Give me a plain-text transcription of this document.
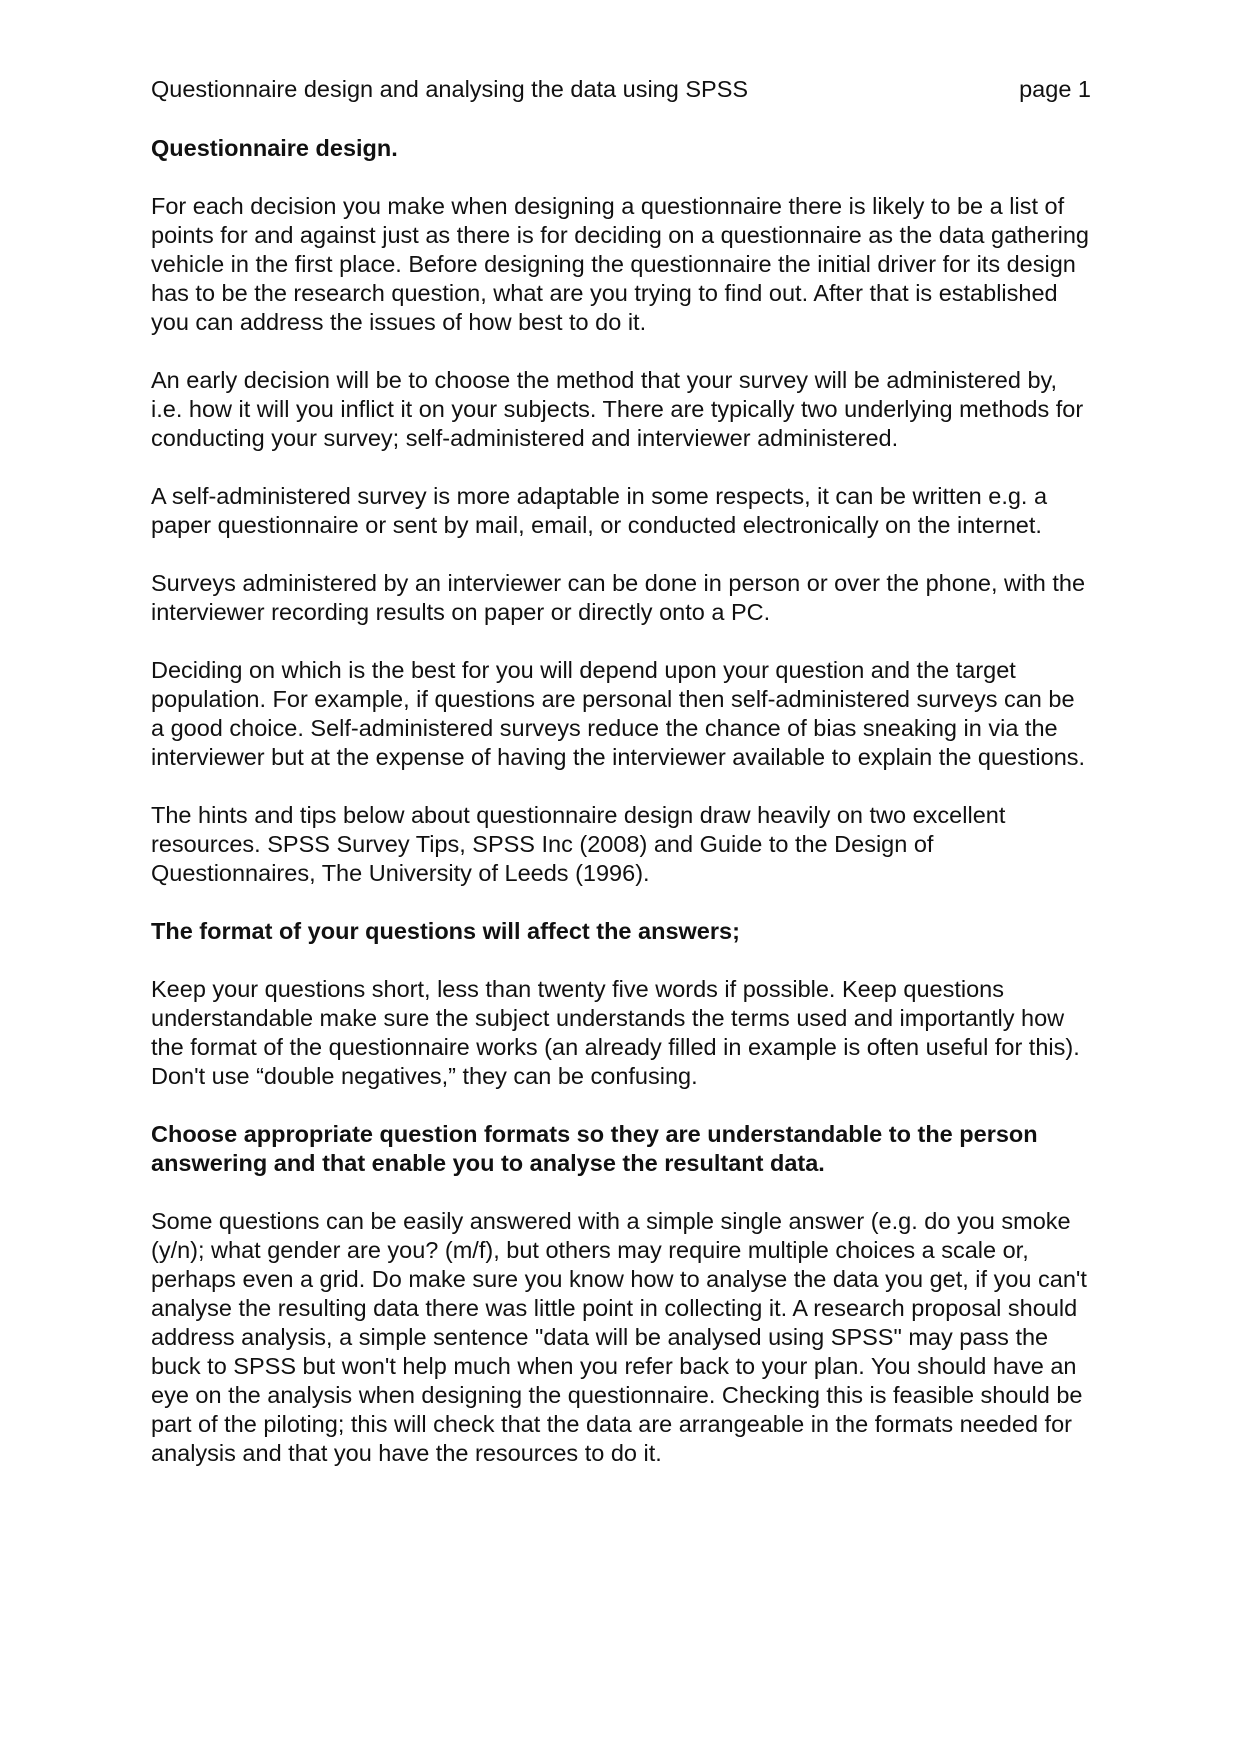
Questionnaire design and analysing the data using SPSS	page 1
Questionnaire design.

For each decision you make when designing a questionnaire there is likely to be a list of points for and against just as there is for deciding on a questionnaire as the data gathering vehicle in the first place. Before designing the questionnaire the initial driver for its design has to be the research question, what are you trying to find out. After that is established you can address the issues of how best to do it.

An early decision will be to choose the method that your survey will be administered by, i.e. how it will you inflict it on your subjects. There are typically two underlying methods for conducting your survey; self-administered and interviewer administered.

A self-administered survey is more adaptable in some respects, it can be written e.g. a paper questionnaire or sent by mail, email, or conducted electronically on the internet.

Surveys administered by an interviewer can be done in person or over the phone, with the interviewer recording results on paper or directly onto a PC.

Deciding on which is the best for you will depend upon your question and the target population. For example, if questions are personal then self-administered surveys can be a good choice. Self-administered surveys reduce the chance of bias sneaking in via the interviewer but at the expense of having the interviewer available to explain the questions.

The hints and tips below about questionnaire design draw heavily on two excellent resources. SPSS Survey Tips, SPSS Inc (2008) and Guide to the Design of Questionnaires, The University of Leeds (1996).

The format of your questions will affect the answers;

Keep your questions short, less than twenty five words if possible. Keep questions understandable make sure the subject understands the terms used and importantly how the format of the questionnaire works (an already filled in example is often useful for this). Don't use “double negatives,” they can be confusing.

Choose appropriate question formats so they are understandable to the person answering and that enable you to analyse the resultant data.

Some questions can be easily answered with a simple single answer (e.g. do you smoke (y/n); what gender are you? (m/f), but others may require multiple choices a scale or, perhaps even a grid. Do make sure you know how to analyse the data you get, if you can't analyse the resulting data there was little point in collecting it. A research proposal should address analysis, a simple sentence "data will be analysed using SPSS" may pass the buck to SPSS but won't help much when you refer back to your plan. You should have an eye on the analysis when designing the questionnaire. Checking this is feasible should be part of the piloting; this will check that the data are arrangeable in the formats needed for analysis and that you have the resources to do it.
